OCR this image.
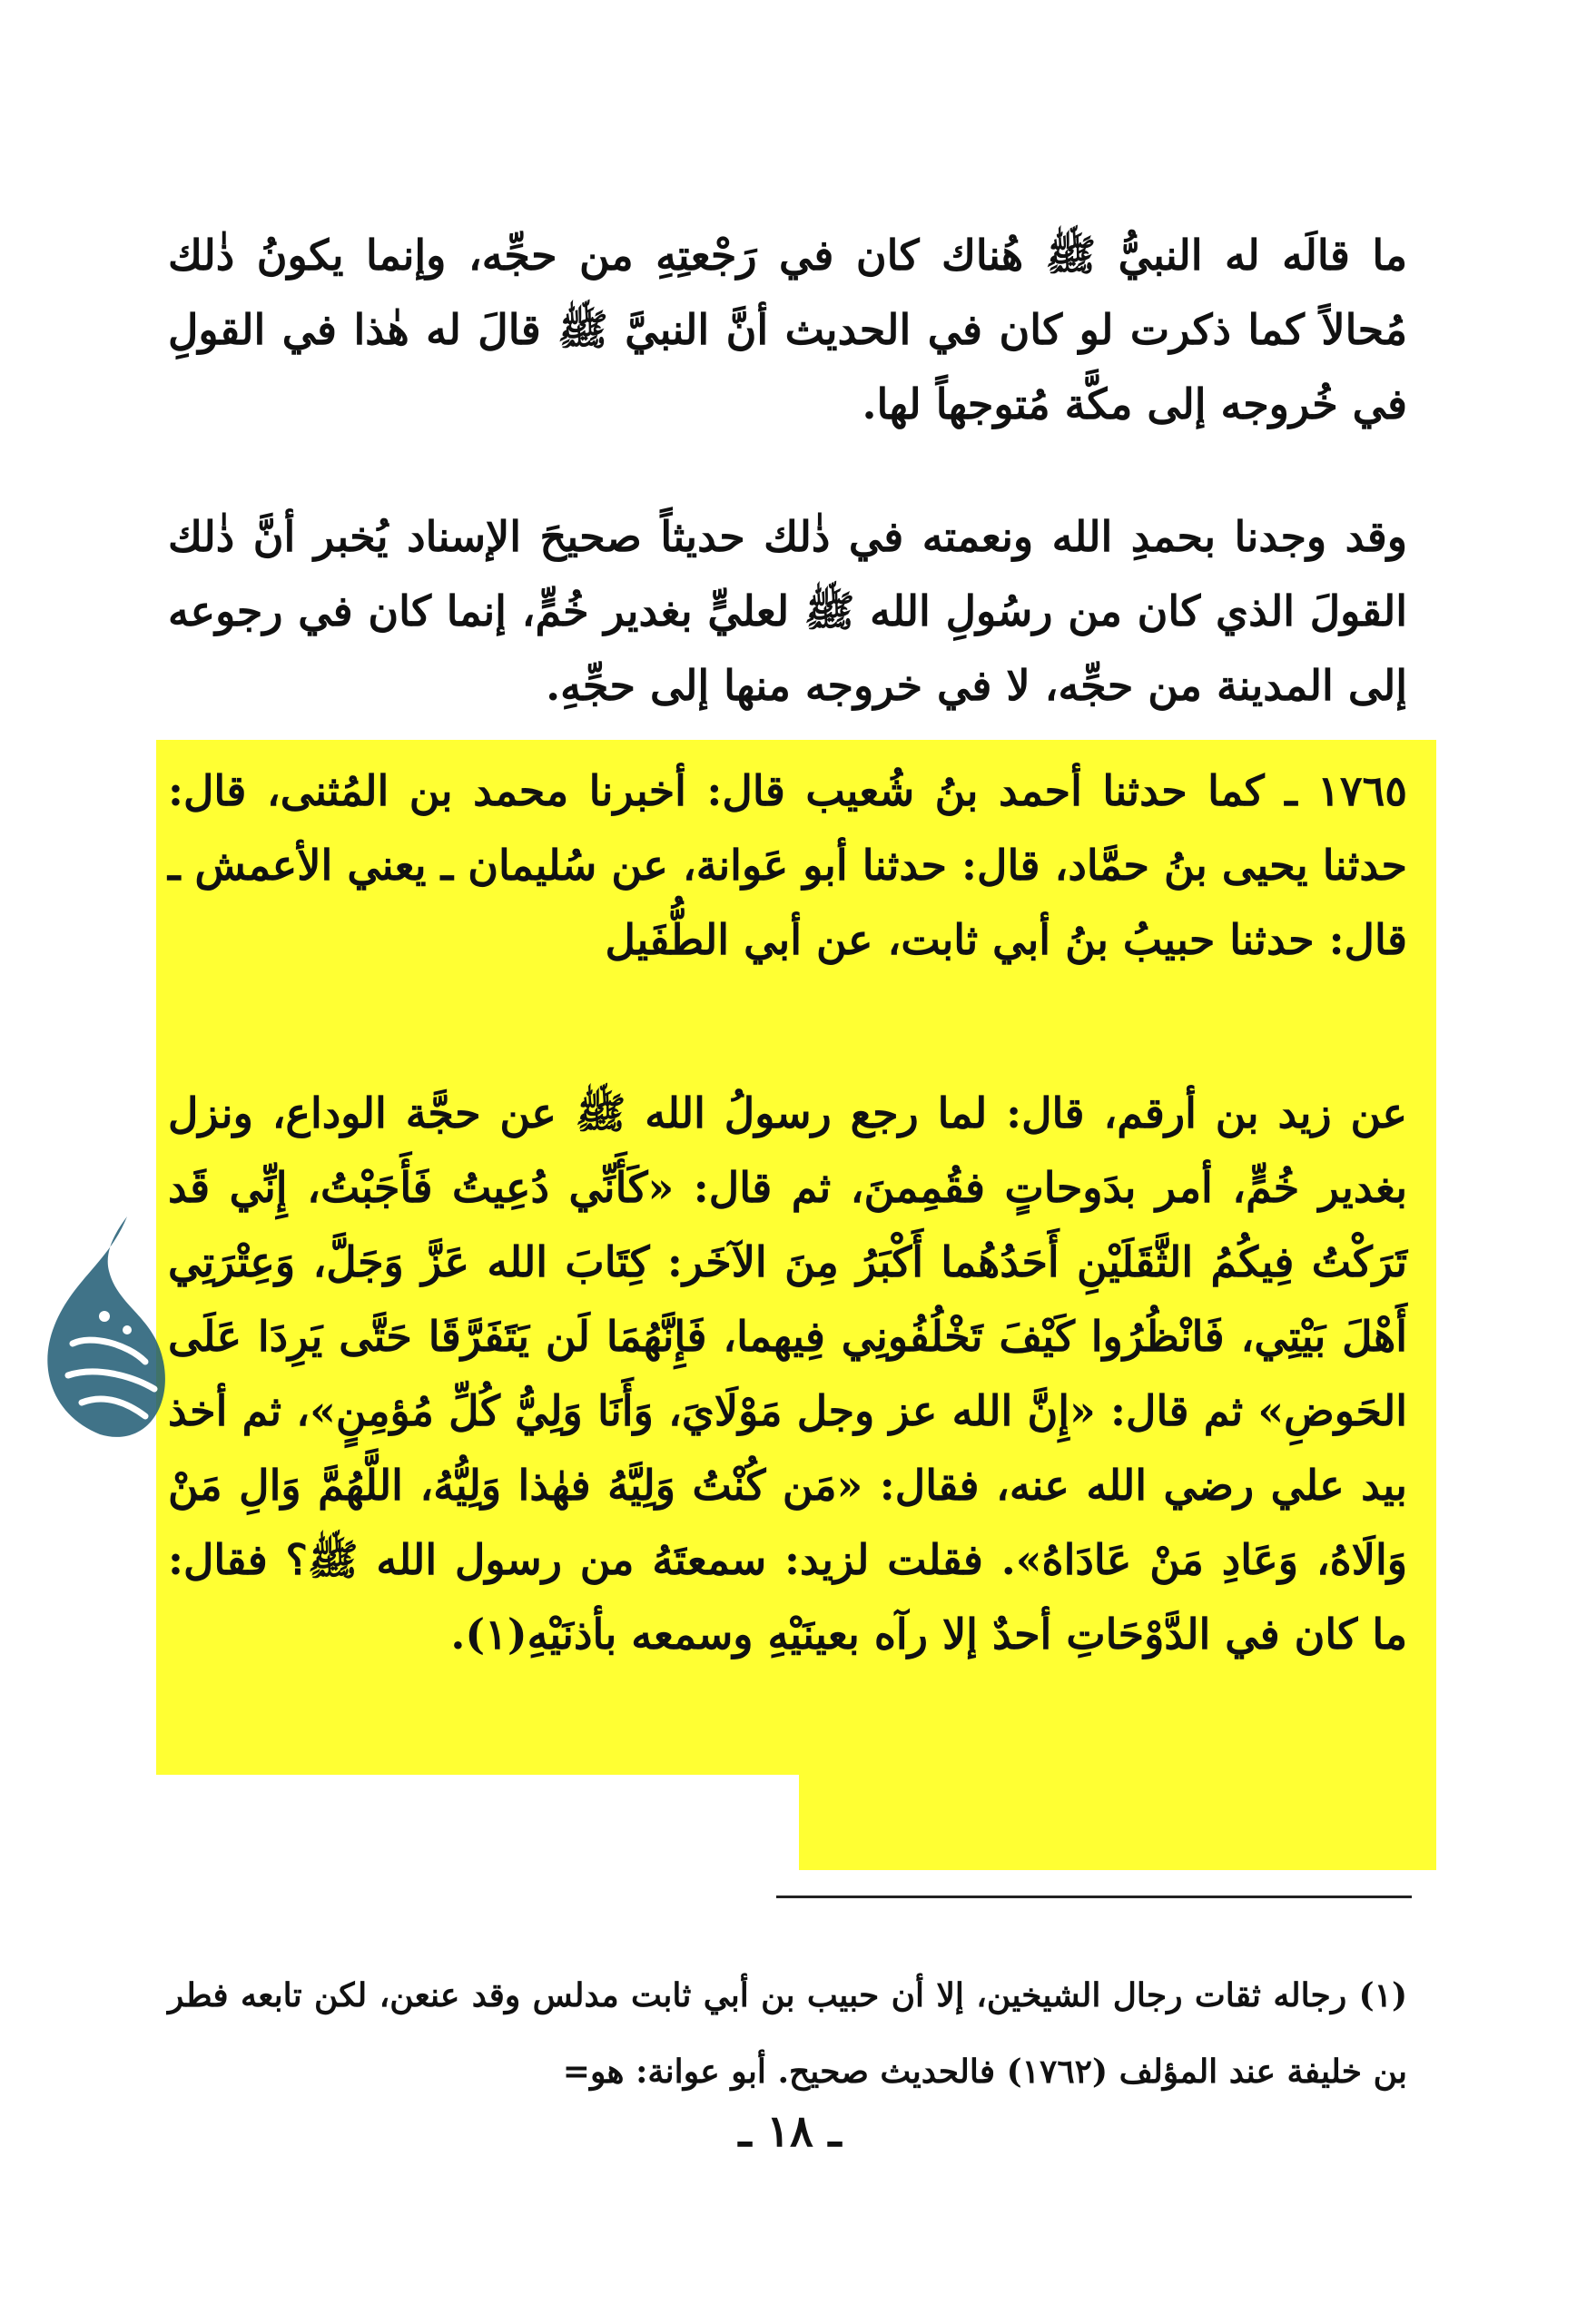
ما قالَه له النبيُّ ﷺ هُناك كان في رَجْعتِهِ من حجِّه، وإنما يكونُ ذٰلك مُحالاً كما ذكرت لو كان في الحديث أنَّ النبيَّ ﷺ قالَ له هٰذا في القولِ في خُروجه إلى مكَّة مُتوجهاً لها.

وقد وجدنا بحمدِ الله ونعمته في ذٰلك حديثاً صحيحَ الإسناد يُخبر أنَّ ذٰلك القولَ الذي كان من رسُولِ الله ﷺ لعليٍّ بغدير خُمٍّ، إنما كان في رجوعه إلى المدينة من حجِّه، لا في خروجه منها إلى حجِّهِ.

١٧٦٥ ـ كما حدثنا أحمد بنُ شُعيب قال: أخبرنا محمد بن المُثنى، قال: حدثنا يحيى بنُ حمَّاد، قال: حدثنا أبو عَوانة، عن سُليمان ـ يعني الأعمش ـ قال: حدثنا حبيبُ بنُ أبي ثابت، عن أبي الطُّفَيل

عن زيد بن أرقم، قال: لما رجع رسولُ الله ﷺ عن حجَّة الوداع، ونزل بغدير خُمٍّ، أمر بدَوحاتٍ فقُمِمنَ، ثم قال: «كَأَنِّي دُعِيتُ فَأَجَبْتُ، إِنِّي قَد تَرَكْتُ فِيكُمُ الثَّقَلَيْنِ أَحَدُهُما أَكْبَرُ مِنَ الآخَر: كِتَابَ الله عَزَّ وَجَلَّ، وَعِتْرَتِي أَهْلَ بَيْتِي، فَانْظُرُوا كَيْفَ تَخْلُفُونِي فِيهما، فَإِنَّهُمَا لَن يَتَفَرَّقَا حَتَّى يَرِدَا عَلَى الحَوضِ» ثم قال: «إِنَّ الله عز وجل مَوْلَايَ، وَأَنَا وَلِيُّ كُلِّ مُؤمِنٍ»، ثم أخذ بيد علي رضي الله عنه، فقال: «مَن كُنْتُ وَلِيَّهُ فهٰذا وَلِيُّهُ، اللَّهُمَّ وَالِ مَنْ وَالَاهُ، وَعَادِ مَنْ عَادَاهُ». فقلت لزيد: سمعتَهُ من رسول الله ﷺ؟ فقال: ما كان في الدَّوْحَاتِ أحدٌ إلا رآه بعينَيْهِ وسمعه بأذنَيْهِ(١).

(١) رجاله ثقات رجال الشيخين، إلا أن حبيب بن أبي ثابت مدلس وقد عنعن، لكن تابعه فطر بن خليفة عند المؤلف (١٧٦٢) فالحديث صحيح. أبو عوانة: هو=

ـ ١٨ ـ
